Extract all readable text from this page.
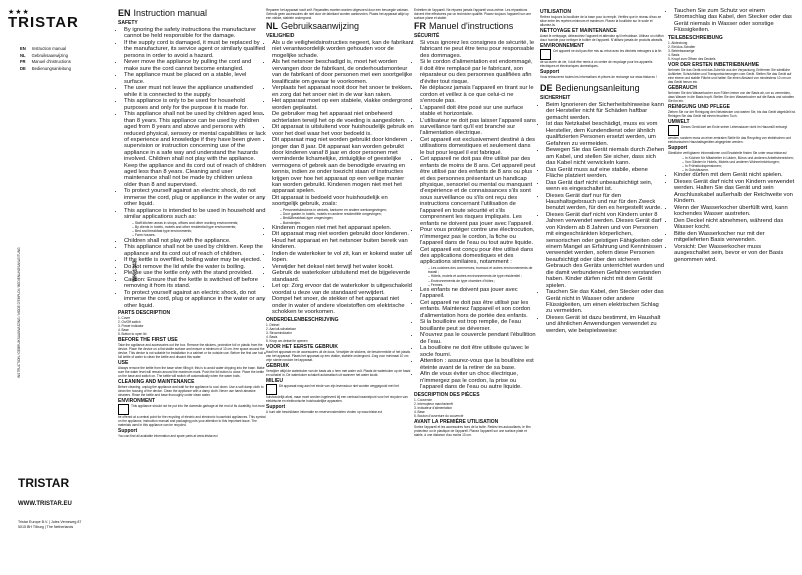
★★★
TRISTAR
EN Instruction manual
NL Gebruiksaanwijzing
FR Manuel d'instructions
DE Bedienungsanleitung
INSTRUCTION / GEBRUIKSAANWIJZING / MODE D'EMPLOI / BEDIENUNGSANLEITUNG	WK-1343
TRISTAR
WWW.TRISTAR.EU
Tristar Europe B.V. | Jules Verneweg 87
5015 BH Tilburg | The Netherlands
EN Instruction manual
SAFETY
• By ignoring the safety instructions the manufacturer cannot be held responsible for the damage.
• If the supply cord is damaged, it must be replaced by the manufacturer, its service agent or similarly qualified persons in order to avoid a hazard.
• Never move the appliance by pulling the cord and make sure the cord cannot become entangled.
• The appliance must be placed on a stable, level surface.
• The user must not leave the appliance unattended while it is connected to the supply.
• This appliance is only to be used for household purposes and only for the purpose it is made for.
• This appliance shall not be used by children aged less than 8 years. This appliance can be used by children aged from 8 years and above and persons with reduced physical, sensory or mental capabilities or lack of experience and knowledge if they have been given supervision or instruction concerning use of the appliance in a safe way and understand the hazards involved. Children shall not play with the appliance. Keep the appliance and its cord out of reach of children aged less than 8 years. Cleaning and user maintenance shall not be made by children unless older than 8 and supervised.
• To protect yourself against an electric shock, do not immerse the cord, plug or appliance in the water or any other liquid.
• This appliance is intended to be used in household and similar applications such as:
– Staff kitchen areas in shops, offices and other working environments;
– By clients in hotels, motels and other residential type environments;
– Bed and breakfast type environments;
– Farm houses.
• Children shall not play with the appliance.
• This appliance shall not be used by children. Keep the appliance and its cord out of reach of children.
• If the kettle is overfilled, boiling water may be ejected.
• Do not remove the lid while the water is boiling.
• Please use the kettle only with the stand provided.
• Caution: Ensure that the kettle is switched off before removing it from its stand.
• To protect yourself against an electric shock, do not immerse the cord, plug or appliance in the water or any other liquid.
PARTS DESCRIPTION
1. Cover
2. On/Off switch
3. Power indicator
4. Base
5. Button to open lid
BEFORE THE FIRST USE

Take the appliance and accessories out the box. Remove the stickers, protective foil or plastic from the device. Place the device on a flat stable surface and ensure a minimum of 10 cm. free space around the device. This device is not suitable for installation in a cabinet or for outside use. Before the first use boil a full kettle of water to clean the kettle and discard this water.

USE

Always remove the kettle from the base when filling it; this is to avoid water dripping into the base. Make sure the water level will remain around the maximum mark. Push the lid button to close. Place the kettle on the base and switch on. The kettle will switch off automatically when the water boils.

CLEANING AND MAINTENANCE

Before cleaning, unplug the appliance and wait for the appliance to cool down. Use a soft damp cloth to clean the housing of the device. Clean the appliance with a damp cloth. Never use harsh abrasive cleaners. Rinse the kettle and base thoroughly under clean water.

ENVIRONMENT

This appliance should not be put into the domestic garbage at the end of its durability, but must be offered at a central point for the recycling of electric and electronic household appliances. This symbol on the appliance, instruction manual and packaging puts your attention to this important issue. The materials used in this appliance can be recycled.

Support

You can find all available information and spare parts at www.tristar.eu!

Repareer het apparaat nooit zelf. Reparaties moeten worden uitgevoerd door een bevoegde vakman. Gebruik geen accessoires die niet door de fabrikant worden aanbevolen. Plaats het apparaat altijd op een vlakke, stabiele ondergrond.

NL Gebruiksaanwijzing
VEILIGHEID
• Als u de veiligheidsinstructies negeert, kan de fabrikant niet verantwoordelijk worden gehouden voor de mogelijke schade.
• Als het netsnoer beschadigd is, moet het worden vervangen door de fabrikant, de onderhoudsmonteur van de fabrikant of door personen met een soortgelijke kwalificatie om gevaar te voorkomen.
• Verplaats het apparaat nooit door het snoer te trekken en zorg dat het snoer niet in de war kan raken.
• Het apparaat moet op een stabiele, vlakke ondergrond worden geplaatst.
• De gebruiker mag het apparaat niet onbeheerd achterlaten terwijl het op de voeding is aangesloten.
• Dit apparaat is uitsluitend voor huishoudelijk gebruik en voor het doel waar het voor bedoeld is.
• Dit apparaat mag niet worden gebruikt door kinderen jonger dan 8 jaar. Dit apparaat kan worden gebruikt door kinderen vanaf 8 jaar en door personen met verminderde lichamelijke, zintuiglijke of geestelijke vermogens of gebrek aan de benodigde ervaring en kennis, indien ze onder toezicht staan of instructies krijgen over hoe het apparaat op een veilige manier kan worden gebruikt. Kinderen mogen niet met het apparaat spelen.
• Dit apparaat is bedoeld voor huishoudelijk en soortgelijk gebruik, zoals:
– Personeelskeukens in winkels, kantoren en andere werkomgevingen;
– Door gasten in hotels, motels en andere residentiële omgevingen;
– Bed&Breakfast-type omgevingen;
– Boerderijen.
• Kinderen mogen niet met het apparaat spelen.
• Dit apparaat mag niet worden gebruikt door kinderen. Houd het apparaat en het netsnoer buiten bereik van kinderen.
• Indien de waterkoker te vol zit, kan er kokend water uit lopen.
• Verwijder het deksel niet terwijl het water kookt.
• Gebruik de waterkoker uitsluitend met de bijgeleverde standaard.
• Let op: Zorg ervoor dat de waterkoker is uitgeschakeld voordat u deze van de standaard verwijdert.
• Dompel het snoer, de stekker of het apparaat niet onder in water of andere vloeistoffen om elektrische schokken te voorkomen.
ONDERDELENBESCHRIJVING
1. Deksel
2. Aan/uit-schakelaar
3. Stroomindicator
4. Basis
5. Knop om deksel te openen
VOOR HET EERSTE GEBRUIK

Haal het apparaat en de accessoires uit de doos. Verwijder de stickers, de beschermfolie of het plastic van het apparaat. Plaats het apparaat op een vlakke, stabiele ondergrond. Zorg voor minimaal 10 cm vrije ruimte rondom het apparaat.

GEBRUIK

Verwijder altijd de waterkoker van de basis als u hem met water vult. Plaats de waterkoker op de basis en schakel in. De waterkoker schakelt automatisch uit wanneer het water kookt.

MILIEU

Dit apparaat mag aan het einde van zijn levensduur niet worden weggegooid met het huishoudelijk afval, maar moet worden ingeleverd bij een centraal inzamelpunt voor het recyclen van elektrische en elektronische huishoudelijke apparaten.

Support

U kunt alle beschikbare informatie en reserveonderdelen vinden op www.tristar.eu!

Entretien de l'appareil. Ne réparez jamais l'appareil vous-même. Les réparations doivent être effectuées par un technicien qualifié. Placez toujours l'appareil sur une surface plane et stable.

FR Manuel d'instructions
SÉCURITÉ
• Si vous ignorez les consignes de sécurité, le fabricant ne peut être tenu pour responsable des dommages.
• Si le cordon d'alimentation est endommagé, il doit être remplacé par le fabricant, son réparateur ou des personnes qualifiées afin d'éviter tout risque.
• Ne déplacez jamais l'appareil en tirant sur le cordon et veillez à ce que celui-ci ne s'enroule pas.
• L'appareil doit être posé sur une surface stable et horizontale.
• L'utilisateur ne doit pas laisser l'appareil sans surveillance tant qu'il est branché sur l'alimentation électrique.
• Cet appareil est exclusivement destiné à des utilisations domestiques et seulement dans le but pour lequel il est fabriqué.
• Cet appareil ne doit pas être utilisé par des enfants de moins de 8 ans. Cet appareil peut être utilisé par des enfants de 8 ans ou plus et des personnes présentant un handicap physique, sensoriel ou mental ou manquant d'expérience et de connaissances s'ils sont sous surveillance ou s'ils ont reçu des instructions concernant l'utilisation de l'appareil en toute sécurité et s'ils comprennent les risques impliqués. Les enfants ne doivent pas jouer avec l'appareil.
• Pour vous protéger contre une électrocution, n'immergez pas le cordon, la fiche ou l'appareil dans de l'eau ou tout autre liquide.
• Cet appareil est conçu pour être utilisé dans des applications domestiques et des applications similaires, notamment :
– Les cuisines des commerces, bureaux et autres environnements de travail ;
– Hôtels, motels et autres environnements de type résidentiel ;
– Environnements de type chambre d'hôtes ;
– Fermes.
• Les enfants ne doivent pas jouer avec l'appareil.
• Cet appareil ne doit pas être utilisé par les enfants. Maintenez l'appareil et son cordon d'alimentation hors de portée des enfants.
• Si la bouilloire est trop remplie, de l'eau bouillante peut se déverser.
• N'ouvrez pas le couvercle pendant l'ébullition de l'eau.
• La bouilloire ne doit être utilisée qu'avec le socle fourni.
• Attention : assurez-vous que la bouilloire est éteinte avant de la retirer de sa base.
• Afin de vous éviter un choc électrique, n'immergez pas le cordon, la prise ou l'appareil dans de l'eau ou autre liquide.
DESCRIPTION DES PIÈCES
1. Couvercle
2. Interrupteur marche/arrêt
3. Indicateur d'alimentation
4. Base
5. Bouton d'ouverture du couvercle
AVANT LA PREMIÈRE UTILISATION

Sortez l'appareil et les accessoires hors de la boîte. Retirez les autocollants, le film protecteur ou le plastique de l'appareil. Placez l'appareil sur une surface plate et stable, à une distance d'au moins 10 cm.

UTILISATION

Retirez toujours la bouilloire de la base pour la remplir. Vérifiez que le niveau d'eau se situe entre les repères minimum et maximum. Placez la bouilloire sur le socle et allumez-la.

NETTOYAGE ET MAINTENANCE

Avant le nettoyage, débranchez l'appareil et attendez qu'il refroidisse. Utilisez un chiffon doux humide pour nettoyer le boîtier de l'appareil. N'utilisez jamais de produits abrasifs.

ENVIRONNEMENT

Cet appareil ne doit pas être mis au rebut avec les déchets ménagers à la fin de sa durée de vie, il doit être remis à un centre de recyclage pour les appareils électriques et électroniques domestiques.

Support

Vous retrouverez toutes les informations et pièces de rechange sur www.tristar.eu !

DE Bedienungsanleitung
SICHERHEIT
• Beim Ignorieren der Sicherheitshinweise kann der Hersteller nicht für Schäden haftbar gemacht werden.
• Ist das Netzkabel beschädigt, muss es vom Hersteller, dem Kundendienst oder ähnlich qualifizierten Personen ersetzt werden, um Gefahren zu vermeiden.
• Bewegen Sie das Gerät niemals durch Ziehen am Kabel, und stellen Sie sicher, dass sich das Kabel nicht verwickeln kann.
• Das Gerät muss auf eine stabile, ebene Fläche platziert werden.
• Das Gerät darf nicht unbeaufsichtigt sein, wenn es eingeschaltet ist.
• Dieses Gerät darf nur für den Haushaltsgebrauch und nur für den Zweck benutzt werden, für den es hergestellt wurde.
• Dieses Gerät darf nicht von Kindern unter 8 Jahren verwendet werden. Dieses Gerät darf von Kindern ab 8 Jahren und von Personen mit eingeschränkten körperlichen, sensorischen oder geistigen Fähigkeiten oder einem Mangel an Erfahrung und Kenntnissen verwendet werden, sofern diese Personen beaufsichtigt oder über den sicheren Gebrauch des Geräts unterrichtet wurden und die damit verbundenen Gefahren verstanden haben. Kinder dürfen nicht mit dem Gerät spielen.
• Tauchen Sie das Kabel, den Stecker oder das Gerät nicht in Wasser oder andere Flüssigkeiten, um einen elektrischen Schlag zu vermeiden.
• Dieses Gerät ist dazu bestimmt, im Haushalt und ähnlichen Anwendungen verwendet zu werden, wie beispielsweise:
• Tauchen Sie zum Schutz vor einem Stromschlag das Kabel, den Stecker oder das Gerät niemals in Wasser oder sonstige Flüssigkeiten.
TEILEBESCHREIBUNG
1. Abdeckung
2. Ein/Aus-Schalter
3. Betriebsanzeige
4. Basis
5. Knopf zum Öffnen des Deckels
VOR DER ERSTEN INBETRIEBNAHME

Nehmen Sie das Gerät und das Zubehör aus der Verpackung. Entfernen Sie sämtliche Aufkleber, Schutzfolien und Transportsicherungen vom Gerät. Stellen Sie das Gerät auf eine ebene und stabile Fläche und halten Sie einen Abstand von mindestens 10 cm um das Gerät herum ein.

GEBRAUCH

Nehmen Sie den Wasserkocher zum Füllen immer von der Basis ab, um zu vermeiden, dass Wasser in die Basis tropft. Stellen Sie den Wasserkocher auf die Basis und schalten Sie ihn ein.

REINIGUNG UND PFLEGE

Ziehen Sie vor der Reinigung den Netzstecker und warten Sie, bis das Gerät abgekühlt ist. Reinigen Sie das Gerät mit einem feuchten Tuch.

UMWELT

Dieses Gerät darf am Ende seiner Lebensdauer nicht im Hausmüll entsorgt werden, sondern muss an einer zentralen Stelle für das Recycling von elektrischen und elektronischen Haushaltsgeräten abgegeben werden.

Support

Sämtliche verfügbaren Informationen und Ersatzteile finden Sie unter www.tristar.eu!

– In Küchen für Mitarbeiter in Läden, Büros und anderen Arbeitsbereichen;
– Von Gästen in Hotels, Motels und anderen Wohneinrichtungen;
– In Frühstückspensionen;
– In Gutshäusern.
• Kinder dürfen mit dem Gerät nicht spielen.
• Dieses Gerät darf nicht von Kindern verwendet werden. Halten Sie das Gerät und sein Anschlusskabel außerhalb der Reichweite von Kindern.
• Wenn der Wasserkocher überfüllt wird, kann kochendes Wasser austreten.
• Den Deckel nicht abnehmen, während das Wasser kocht.
• Bitte den Wasserkocher nur mit der mitgelieferten Basis verwenden.
• Vorsicht: Der Wasserkocher muss ausgeschaltet sein, bevor er von der Basis genommen wird.
